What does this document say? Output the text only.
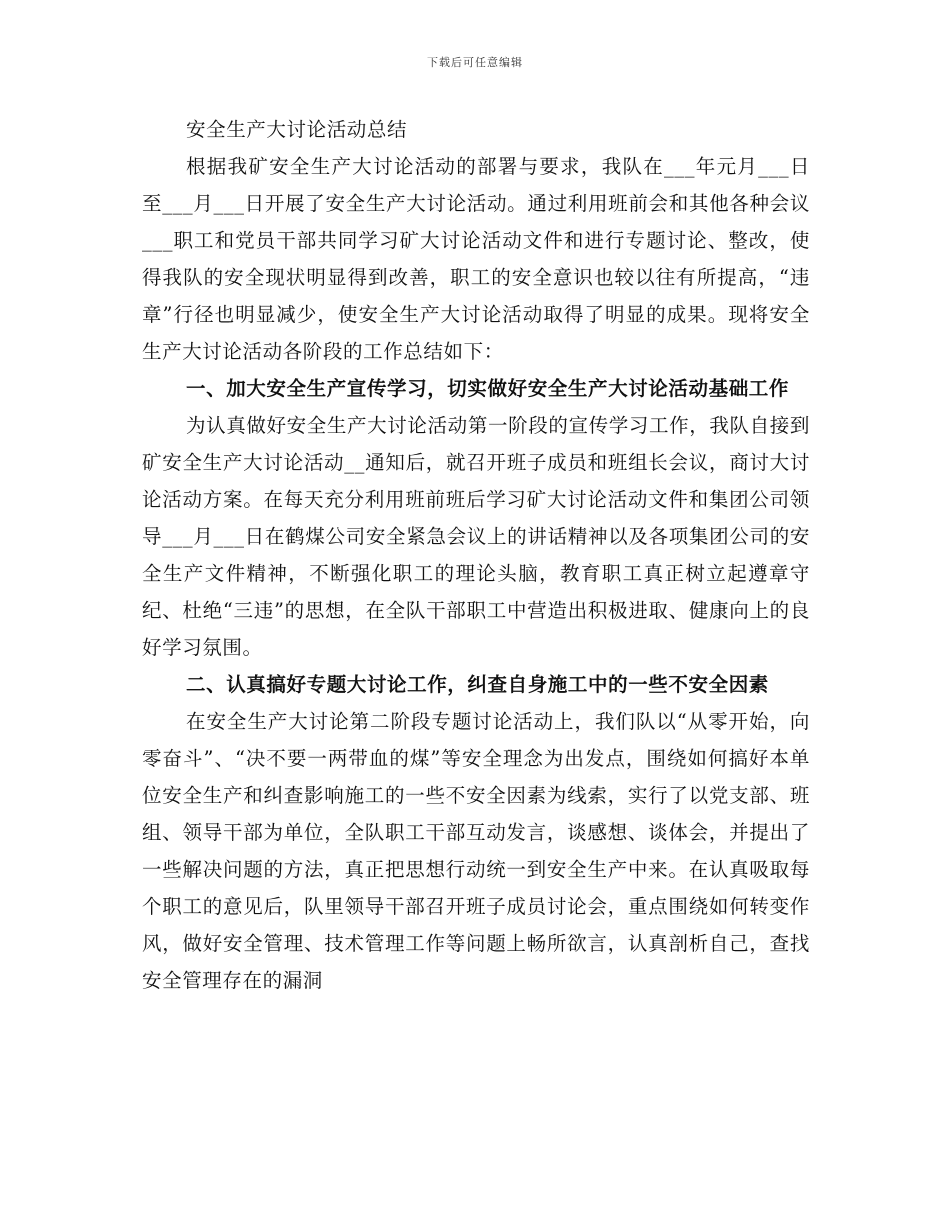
下载后可任意编辑
安全生产大讨论活动总结

根据我矿安全生产大讨论活动的部署与要求，我队在___年元月___日至___月___日开展了安全生产大讨论活动。通过利用班前会和其他各种会议___职工和党员干部共同学习矿大讨论活动文件和进行专题讨论、整改，使得我队的安全现状明显得到改善，职工的安全意识也较以往有所提高，“违章”行径也明显减少，使安全生产大讨论活动取得了明显的成果。现将安全生产大讨论活动各阶段的工作总结如下：

一、加大安全生产宣传学习，切实做好安全生产大讨论活动基础工作

为认真做好安全生产大讨论活动第一阶段的宣传学习工作，我队自接到矿安全生产大讨论活动__通知后，就召开班子成员和班组长会议，商讨大讨论活动方案。在每天充分利用班前班后学习矿大讨论活动文件和集团公司领导___月___日在鹤煤公司安全紧急会议上的讲话精神以及各项集团公司的安全生产文件精神，不断强化职工的理论头脑，教育职工真正树立起遵章守纪、杜绝“三违”的思想，在全队干部职工中营造出积极进取、健康向上的良好学习氛围。

二、认真搞好专题大讨论工作，纠查自身施工中的一些不安全因素

在安全生产大讨论第二阶段专题讨论活动上，我们队以“从零开始，向零奋斗”、“决不要一两带血的煤”等安全理念为出发点，围绕如何搞好本单位安全生产和纠查影响施工的一些不安全因素为线索，实行了以党支部、班组、领导干部为单位，全队职工干部互动发言，谈感想、谈体会，并提出了一些解决问题的方法，真正把思想行动统一到安全生产中来。在认真吸取每个职工的意见后，队里领导干部召开班子成员讨论会，重点围绕如何转变作风，做好安全管理、技术管理工作等问题上畅所欲言，认真剖析自己，查找安全管理存在的漏洞
